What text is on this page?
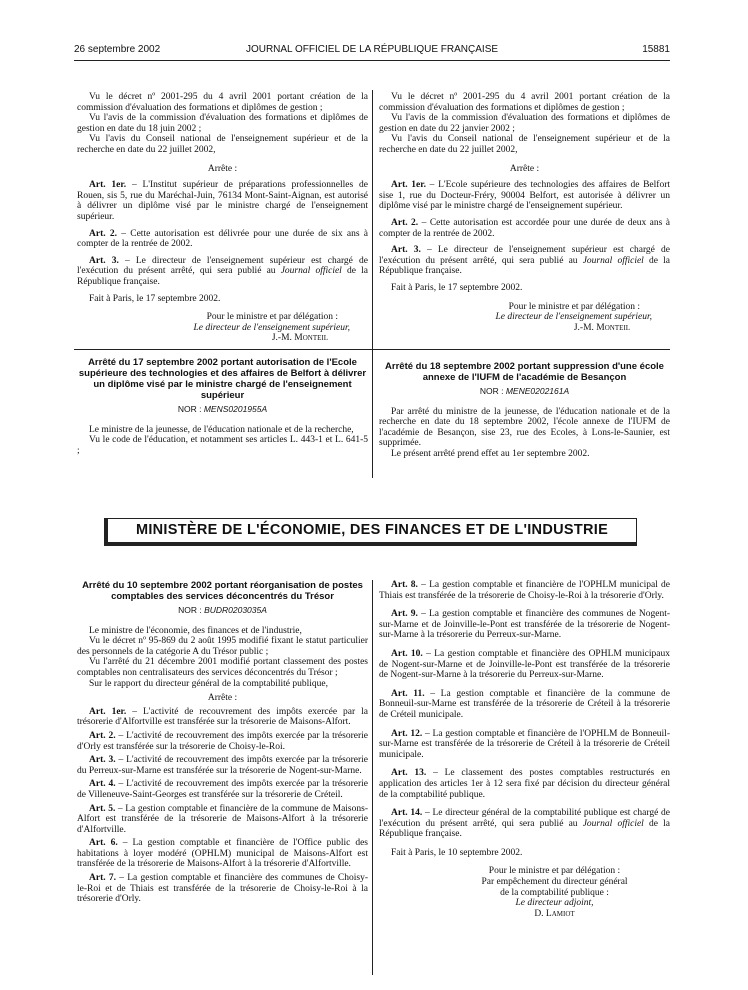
26 septembre 2002	JOURNAL OFFICIEL DE LA RÉPUBLIQUE FRANÇAISE	15881

Vu le décret nº 2001-295 du 4 avril 2001 portant création de la commission d'évaluation des formations et diplômes de gestion ;

Vu l'avis de la commission d'évaluation des formations et diplômes de gestion en date du 18 juin 2002 ;

Vu l'avis du Conseil national de l'enseignement supérieur et de la recherche en date du 22 juillet 2002,

Arrête :

Art. 1er. – L'Institut supérieur de préparations professionnelles de Rouen, sis 5, rue du Maréchal-Juin, 76134 Mont-Saint-Aignan, est autorisé à délivrer un diplôme visé par le ministre chargé de l'enseignement supérieur.

Art. 2. – Cette autorisation est délivrée pour une durée de six ans à compter de la rentrée de 2002.

Art. 3. – Le directeur de l'enseignement supérieur est chargé de l'exécution du présent arrêté, qui sera publié au Journal officiel de la République française.

Fait à Paris, le 17 septembre 2002.

Pour le ministre et par délégation :

Le directeur de l'enseignement supérieur,

J.-M. Monteil

Vu le décret nº 2001-295 du 4 avril 2001 portant création de la commission d'évaluation des formations et diplômes de gestion ;

Vu l'avis de la commission d'évaluation des formations et diplômes de gestion en date du 22 janvier 2002 ;

Vu l'avis du Conseil national de l'enseignement supérieur et de la recherche en date du 22 juillet 2002,

Arrête :

Art. 1er. – L'Ecole supérieure des technologies des affaires de Belfort sise 1, rue du Docteur-Fréry, 90004 Belfort, est autorisée à délivrer un diplôme visé par le ministre chargé de l'enseignement supérieur.

Art. 2. – Cette autorisation est accordée pour une durée de deux ans à compter de la rentrée de 2002.

Art. 3. – Le directeur de l'enseignement supérieur est chargé de l'exécution du présent arrêté, qui sera publié au Journal officiel de la République française.

Fait à Paris, le 17 septembre 2002.

Pour le ministre et par délégation :

Le directeur de l'enseignement supérieur,

J.-M. Monteil

Arrêté du 17 septembre 2002 portant autorisation de l'Ecole supérieure des technologies et des affaires de Belfort à délivrer un diplôme visé par le ministre chargé de l'enseignement supérieur

NOR : MENS0201955A

Le ministre de la jeunesse, de l'éducation nationale et de la recherche,

Vu le code de l'éducation, et notamment ses articles L. 443-1 et L. 641-5 ;

Arrêté du 18 septembre 2002 portant suppression d'une école annexe de l'IUFM de l'académie de Besançon

NOR : MENE0202161A

Par arrêté du ministre de la jeunesse, de l'éducation nationale et de la recherche en date du 18 septembre 2002, l'école annexe de l'IUFM de l'académie de Besançon, sise 23, rue des Ecoles, à Lons-le-Saunier, est supprimée.

Le présent arrêté prend effet au 1er septembre 2002.

MINISTÈRE DE L'ÉCONOMIE, DES FINANCES ET DE L'INDUSTRIE
Arrêté du 10 septembre 2002 portant réorganisation de postes comptables des services déconcentrés du Trésor

NOR : BUDR0203035A

Le ministre de l'économie, des finances et de l'industrie,

Vu le décret nº 95-869 du 2 août 1995 modifié fixant le statut particulier des personnels de la catégorie A du Trésor public ;

Vu l'arrêté du 21 décembre 2001 modifié portant classement des postes comptables non centralisateurs des services déconcentrés du Trésor ;

Sur le rapport du directeur général de la comptabilité publique,

Arrête :

Art. 1er. – L'activité de recouvrement des impôts exercée par la trésorerie d'Alfortville est transférée sur la trésorerie de Maisons-Alfort.

Art. 2. – L'activité de recouvrement des impôts exercée par la trésorerie d'Orly est transférée sur la trésorerie de Choisy-le-Roi.

Art. 3. – L'activité de recouvrement des impôts exercée par la trésorerie du Perreux-sur-Marne est transférée sur la trésorerie de Nogent-sur-Marne.

Art. 4. – L'activité de recouvrement des impôts exercée par la trésorerie de Villeneuve-Saint-Georges est transférée sur la trésorerie de Créteil.

Art. 5. – La gestion comptable et financière de la commune de Maisons-Alfort est transférée de la trésorerie de Maisons-Alfort à la trésorerie d'Alfortville.

Art. 6. – La gestion comptable et financière de l'Office public des habitations à loyer modéré (OPHLM) municipal de Maisons-Alfort est transférée de la trésorerie de Maisons-Alfort à la trésorerie d'Alfortville.

Art. 7. – La gestion comptable et financière des communes de Choisy-le-Roi et de Thiais est transférée de la trésorerie de Choisy-le-Roi à la trésorerie d'Orly.

Art. 8. – La gestion comptable et financière de l'OPHLM municipal de Thiais est transférée de la trésorerie de Choisy-le-Roi à la trésorerie d'Orly.

Art. 9. – La gestion comptable et financière des communes de Nogent-sur-Marne et de Joinville-le-Pont est transférée de la trésorerie de Nogent-sur-Marne à la trésorerie du Perreux-sur-Marne.

Art. 10. – La gestion comptable et financière des OPHLM municipaux de Nogent-sur-Marne et de Joinville-le-Pont est transférée de la trésorerie de Nogent-sur-Marne à la trésorerie du Perreux-sur-Marne.

Art. 11. – La gestion comptable et financière de la commune de Bonneuil-sur-Marne est transférée de la trésorerie de Créteil à la trésorerie de Créteil municipale.

Art. 12. – La gestion comptable et financière de l'OPHLM de Bonneuil-sur-Marne est transférée de la trésorerie de Créteil à la trésorerie de Créteil municipale.

Art. 13. – Le classement des postes comptables restructurés en application des articles 1er à 12 sera fixé par décision du directeur général de la comptabilité publique.

Art. 14. – Le directeur général de la comptabilité publique est chargé de l'exécution du présent arrêté, qui sera publié au Journal officiel de la République française.

Fait à Paris, le 10 septembre 2002.

Pour le ministre et par délégation :

Par empêchement du directeur général

de la comptabilité publique :

Le directeur adjoint,

D. Lamiot
